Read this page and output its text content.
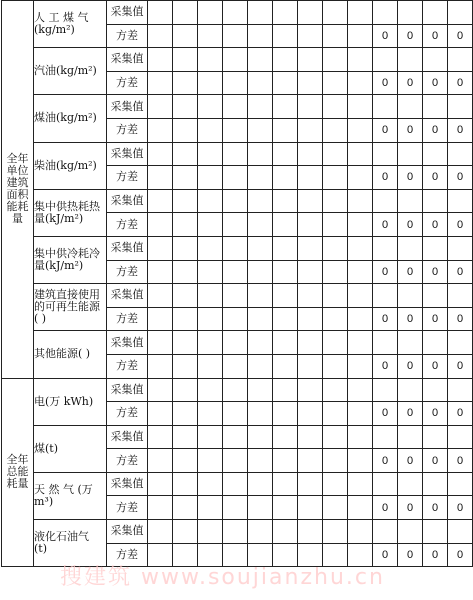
全年单位建筑面积能耗量	人 工 煤 气
(kg/m²)	采集值													
		方差										0	0	0	0

	汽油(kg/m²)	采集值													
		方差										0	0	0	0

	煤油(kg/m²)	采集值													
		方差										0	0	0	0

	柴油(kg/m²)	采集值													
		方差										0	0	0	0

	集中供热耗热
量(kJ/m²)	采集值													
		方差										0	0	0	0

	集中供冷耗冷
量(kJ/m²)	采集值													
		方差										0	0	0	0

	建筑直接使用
的可再生能源
( )	采集值													
		方差										0	0	0	0

	其他能源( )	采集值													
		方差										0	0	0	0
全年总能耗量	电(万 kWh)	采集值													
		方差										0	0	0	0

	煤(t)	采集值													
		方差										0	0	0	0

	天 然 气 (万
m³)	采集值													
		方差										0	0	0	0

	液化石油气
(t)	采集值													
		方差										0	0	0	0
搜建筑 www.soujianzhu.cn
